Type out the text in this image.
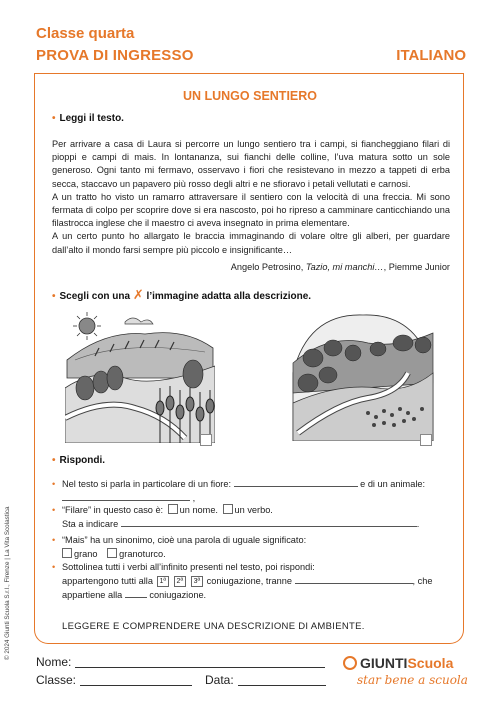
Classe quarta
PROVA DI INGRESSO	ITALIANO
UN LUNGO SENTIERO
• Leggi il testo.

Per arrivare a casa di Laura si percorre un lungo sentiero tra i campi, si fiancheggiano filari di pioppi e campi di mais. In lontananza, sui fianchi delle colline, l’uva matura sotto un sole generoso. Ogni tanto mi fermavo, osservavo i fiori che resistevano in mezzo a tappeti di erba secca, staccavo un papavero più rosso degli altri e ne sfioravo i petali vellutati e carnosi.

A un tratto ho visto un ramarro attraversare il sentiero con la velocità di una freccia. Mi sono fermata di colpo per scoprire dove si era nascosto, poi ho ripreso a camminare canticchiando una filastrocca inglese che il maestro ci aveva insegnato in prima elementare.

A un certo punto ho allargato le braccia immaginando di volare oltre gli alberi, per guardare dall’alto il mondo farsi sempre più piccolo e insignificante…

Angelo Petrosino, Tazio, mi manchi…, Piemme Junior
• Scegli con una ✗ l’immagine adatta alla descrizione.
• Rispondi.
• Nel testo si parla in particolare di un fiore:	e di un animale:
,
• “Filare” in questo caso è: un nome. un verbo.
Sta a indicare	.
• “Mais” ha un sinonimo, cioè una parola di uguale significato:
grano granoturco.
• Sottolinea tutti i verbi all’infinito presenti nel testo, poi rispondi:
appartengono tutti alla 1ª 2ª 3ª coniugazione, tranne	, che
appartiene alla	coniugazione.
LEGGERE E COMPRENDERE UNA DESCRIZIONE DI AMBIENTE.
© 2024 Giunti Scuola S.r.l., Firenze | La Vita Scolastica
Nome:
Classe:	Data:
GIUNTIScuola
star bene a scuola
